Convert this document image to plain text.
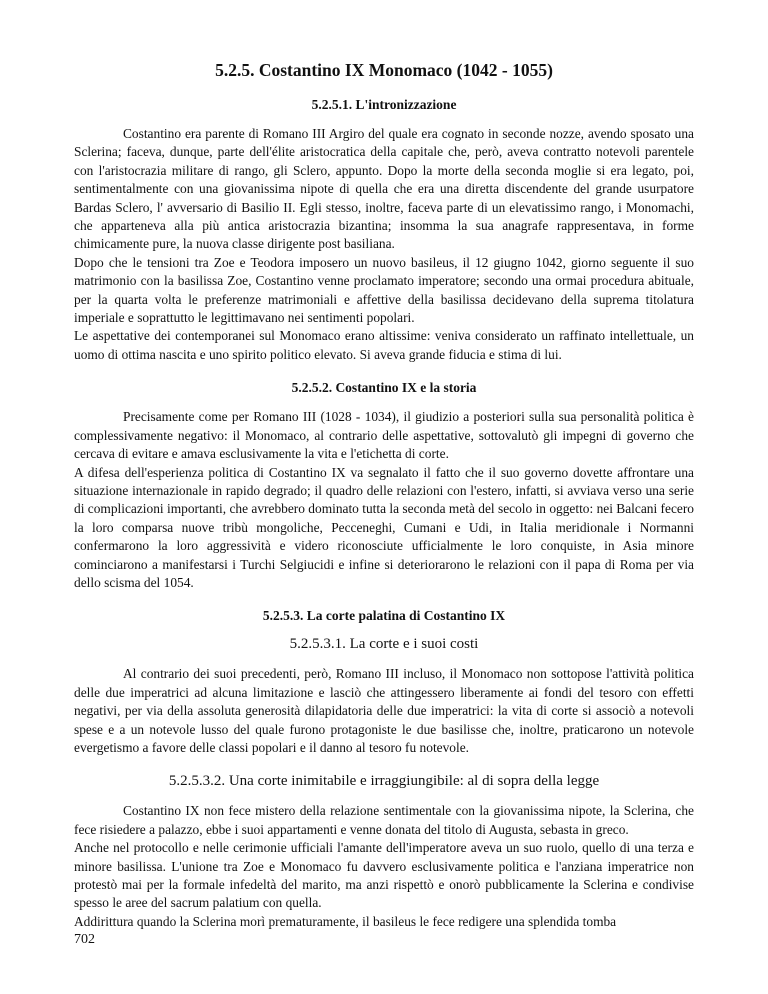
5.2.5. Costantino IX Monomaco (1042 - 1055)
5.2.5.1. L'intronizzazione

Costantino era parente di Romano III Argiro del quale era cognato in seconde nozze, avendo sposato una Sclerina; faceva, dunque, parte dell'élite aristocratica della capitale che, però, aveva contratto notevoli parentele con l'aristocrazia militare di rango, gli Sclero, appunto. Dopo la morte della seconda moglie si era legato, poi, sentimentalmente con una giovanissima nipote di quella che era una diretta discendente del grande usurpatore Bardas Sclero, l' avversario di Basilio II. Egli stesso, inoltre, faceva parte di un elevatissimo rango, i Monomachi, che apparteneva alla più antica aristocrazia bizantina; insomma la sua anagrafe rappresentava, in forme chimicamente pure, la nuova classe dirigente post basiliana.

Dopo che le tensioni tra Zoe e Teodora imposero un nuovo basileus, il 12 giugno 1042, giorno seguente il suo matrimonio con la basilissa Zoe, Costantino venne proclamato imperatore; secondo una ormai procedura abituale, per la quarta volta le preferenze matrimoniali e affettive della basilissa decidevano della suprema titolatura imperiale e soprattutto le legittimavano nei sentimenti popolari.

Le aspettative dei contemporanei sul Monomaco erano altissime: veniva considerato un raffinato intellettuale, un uomo di ottima nascita e uno spirito politico elevato. Si aveva grande fiducia e stima di lui.

5.2.5.2. Costantino IX e la storia

Precisamente come per Romano III (1028 - 1034), il giudizio a posteriori sulla sua personalità politica è complessivamente negativo: il Monomaco, al contrario delle aspettative, sottovalutò gli impegni di governo che cercava di evitare e amava esclusivamente la vita e l'etichetta di corte.

A difesa dell'esperienza politica di Costantino IX va segnalato il fatto che il suo governo dovette affrontare una situazione internazionale in rapido degrado; il quadro delle relazioni con l'estero, infatti, si avviava verso una serie di complicazioni importanti, che avrebbero dominato tutta la seconda metà del secolo in oggetto: nei Balcani fecero la loro comparsa nuove tribù mongoliche, Pecceneghi, Cumani e Udi, in Italia meridionale i Normanni confermarono la loro aggressività e videro riconosciute ufficialmente le loro conquiste, in Asia minore cominciarono a manifestarsi i Turchi Selgiucidi e infine si deteriorarono le relazioni con il papa di Roma per via dello scisma del 1054.

5.2.5.3. La corte palatina di Costantino IX
5.2.5.3.1. La corte e i suoi costi

Al contrario dei suoi precedenti, però, Romano III incluso, il Monomaco non sottopose l'attività politica delle due imperatrici ad alcuna limitazione e lasciò che attingessero liberamente ai fondi del tesoro con effetti negativi, per via della assoluta generosità dilapidatoria delle due imperatrici: la vita di corte si associò a notevoli spese e a un notevole lusso del quale furono protagoniste le due basilisse che, inoltre, praticarono un notevole evergetismo a favore delle classi popolari e il danno al tesoro fu notevole.

5.2.5.3.2. Una corte inimitabile e irraggiungibile: al di sopra della legge

Costantino IX non fece mistero della relazione sentimentale con la giovanissima nipote, la Sclerina, che fece risiedere a palazzo, ebbe i suoi appartamenti e venne donata del titolo di Augusta, sebasta in greco.

Anche nel protocollo e nelle cerimonie ufficiali l'amante dell'imperatore aveva un suo ruolo, quello di una terza e minore basilissa. L'unione tra Zoe e Monomaco fu davvero esclusivamente politica e l'anziana imperatrice non protestò mai per la formale infedeltà del marito, ma anzi rispettò e onorò pubblicamente la Sclerina e condivise spesso le aree del sacrum palatium con quella.

Addirittura quando la Sclerina morì prematuramente, il basileus le fece redigere una splendida tomba

702
